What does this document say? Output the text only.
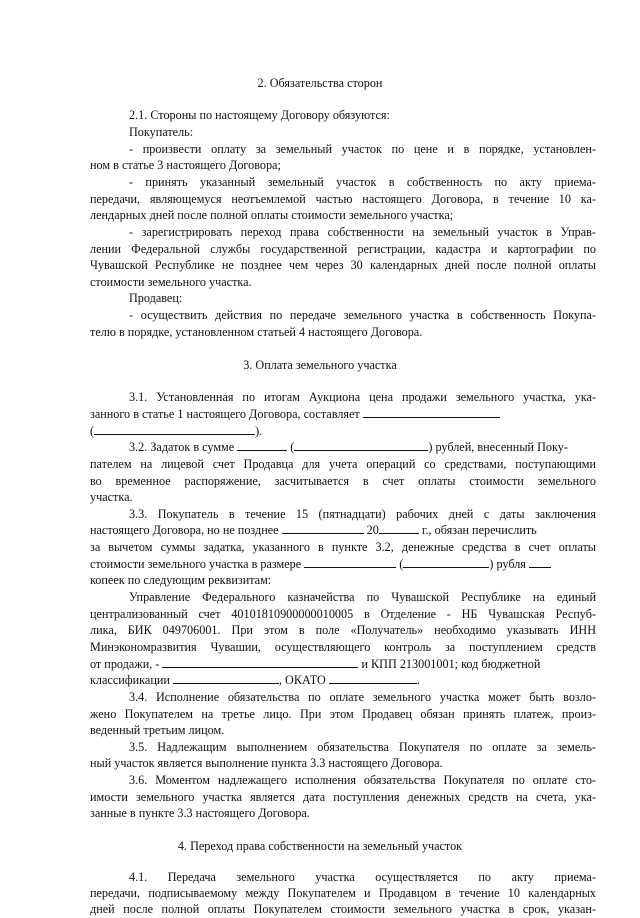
2. Обязательства сторон
2.1. Стороны по настоящему Договору обязуются:
Покупатель:
- произвести оплату за земельный участок по цене и в порядке, установлен-
ном в статье 3 настоящего Договора;
- принять указанный земельный участок в собственность по акту приема-
передачи, являющемуся неотъемлемой частью настоящего Договора, в течение 10 ка-
лендарных дней после полной оплаты стоимости земельного участка;
- зарегистрировать переход права собственности на земельный участок в Управ-
лении Федеральной службы государственной регистрации, кадастра и картографии по
Чувашской Республике не позднее чем через 30 календарных дней после полной оплаты
стоимости земельного участка.
Продавец:
- осуществить действия по передаче земельного участка в собственность Покупа-
телю в порядке, установленном статьей 4 настоящего Договора.
3. Оплата земельного участка
3.1. Установленная по итогам Аукциона цена продажи земельного участка, ука-
занного в статье 1 настоящего Договора, составляет
(	).
3.2. Задаток в сумме	(	) рублей, внесенный Поку-
пателем на лицевой счет Продавца для учета операций со средствами, поступающими
во временное распоряжение, засчитывается в счет оплаты стоимости земельного
участка.
3.3. Покупатель в течение 15 (пятнадцати) рабочих дней с даты заключения
настоящего Договора, но не позднее	20	г., обязан перечислить
за вычетом суммы задатка, указанного в пункте 3.2, денежные средства в счет оплаты
стоимости земельного участка в размере	(	) рубля
копеек по следующим реквизитам:
Управление Федерального казначейства по Чувашской Республике на единый
централизованный счет 40101810900000010005 в Отделение - НБ Чувашская Респуб-
лика, БИК 049706001. При этом в поле «Получатель» необходимо указывать ИНН
Минэкономразвития Чувашии, осуществляющего контроль за поступлением средств
от продажи, -	и КПП 213001001; код бюджетной
классификации	, ОКАТО	.
3.4. Исполнение обязательства по оплате земельного участка может быть возло-
жено Покупателем на третье лицо. При этом Продавец обязан принять платеж, произ-
веденный третьим лицом.
3.5. Надлежащим выполнением обязательства Покупателя по оплате за земель-
ный участок является выполнение пункта 3.3 настоящего Договора.
3.6. Моментом надлежащего исполнения обязательства Покупателя по оплате сто-
имости земельного участка является дата поступления денежных средств на счета, ука-
занные в пункте 3.3 настоящего Договора.
4. Переход права собственности на земельный участок
4.1. Передача земельного участка осуществляется по акту приема-
передачи, подписываемому между Покупателем и Продавцом в течение 10 календарных
дней после полной оплаты Покупателем стоимости земельного участка в срок, указан-
